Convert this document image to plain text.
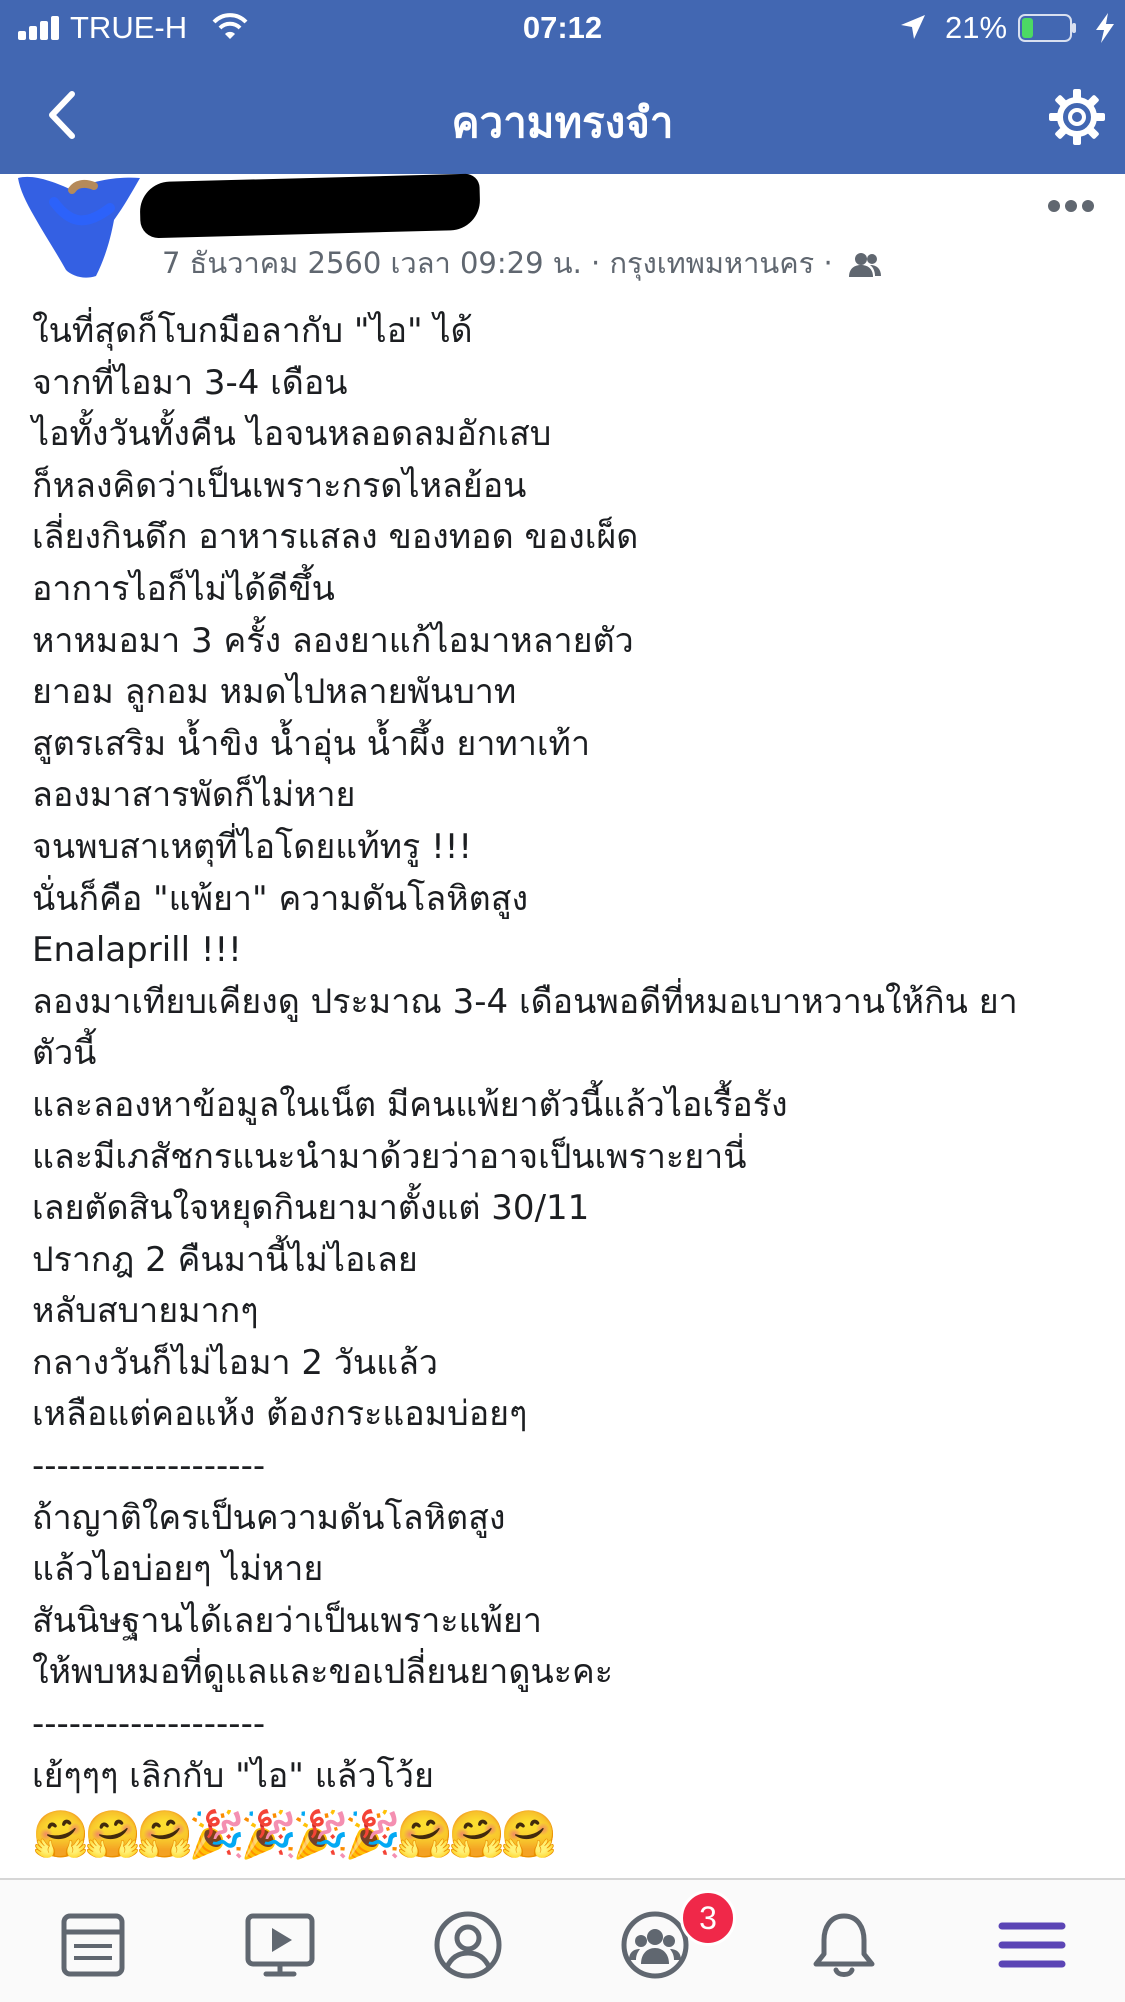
TRUE-H	07:12	21%
ความทรงจำ
7 ธันวาคม 2560 เวลา 09:29 น. · กรุงเทพมหานคร ·
ในที่สุดก็โบกมือลากับ "ไอ" ได้
จากที่ไอมา 3-4 เดือน
ไอทั้งวันทั้งคืน ไอจนหลอดลมอักเสบ
ก็หลงคิดว่าเป็นเพราะกรดไหลย้อน
เลี่ยงกินดึก อาหารแสลง ของทอด ของเผ็ด
อาการไอก็ไม่ได้ดีขึ้น
หาหมอมา 3 ครั้ง ลองยาแก้ไอมาหลายตัว
ยาอม ลูกอม หมดไปหลายพันบาท
สูตรเสริม น้ำขิง น้ำอุ่น น้ำผึ้ง ยาทาเท้า
ลองมาสารพัดก็ไม่หาย
จนพบสาเหตุที่ไอโดยแท้ทรู !!!
นั่นก็คือ "แพ้ยา" ความดันโลหิตสูง
Enalaprill !!!
ลองมาเทียบเคียงดู ประมาณ 3-4 เดือนพอดีที่หมอเบาหวานให้กิน ยาตัวนี้
และลองหาข้อมูลในเน็ต มีคนแพ้ยาตัวนี้แล้วไอเรื้อรัง
และมีเภสัชกรแนะนำมาด้วยว่าอาจเป็นเพราะยานี่
เลยตัดสินใจหยุดกินยามาตั้งแต่ 30/11
ปรากฎ 2 คืนมานี้ไม่ไอเลย
หลับสบายมากๆ
กลางวันก็ไม่ไอมา 2 วันแล้ว
เหลือแต่คอแห้ง ต้องกระแอมบ่อยๆ
-------------------
ถ้าญาติใครเป็นความดันโลหิตสูง
แล้วไอบ่อยๆ ไม่หาย
สันนิษฐานได้เลยว่าเป็นเพราะแพ้ยา
ให้พบหมอที่ดูแลและขอเปลี่ยนยาดูนะคะ
-------------------
เย้ๆๆๆ เลิกกับ "ไอ" แล้วโว้ย
🤗🤗🤗🎉🎉🎉🎉🤗🤗🤗
3
